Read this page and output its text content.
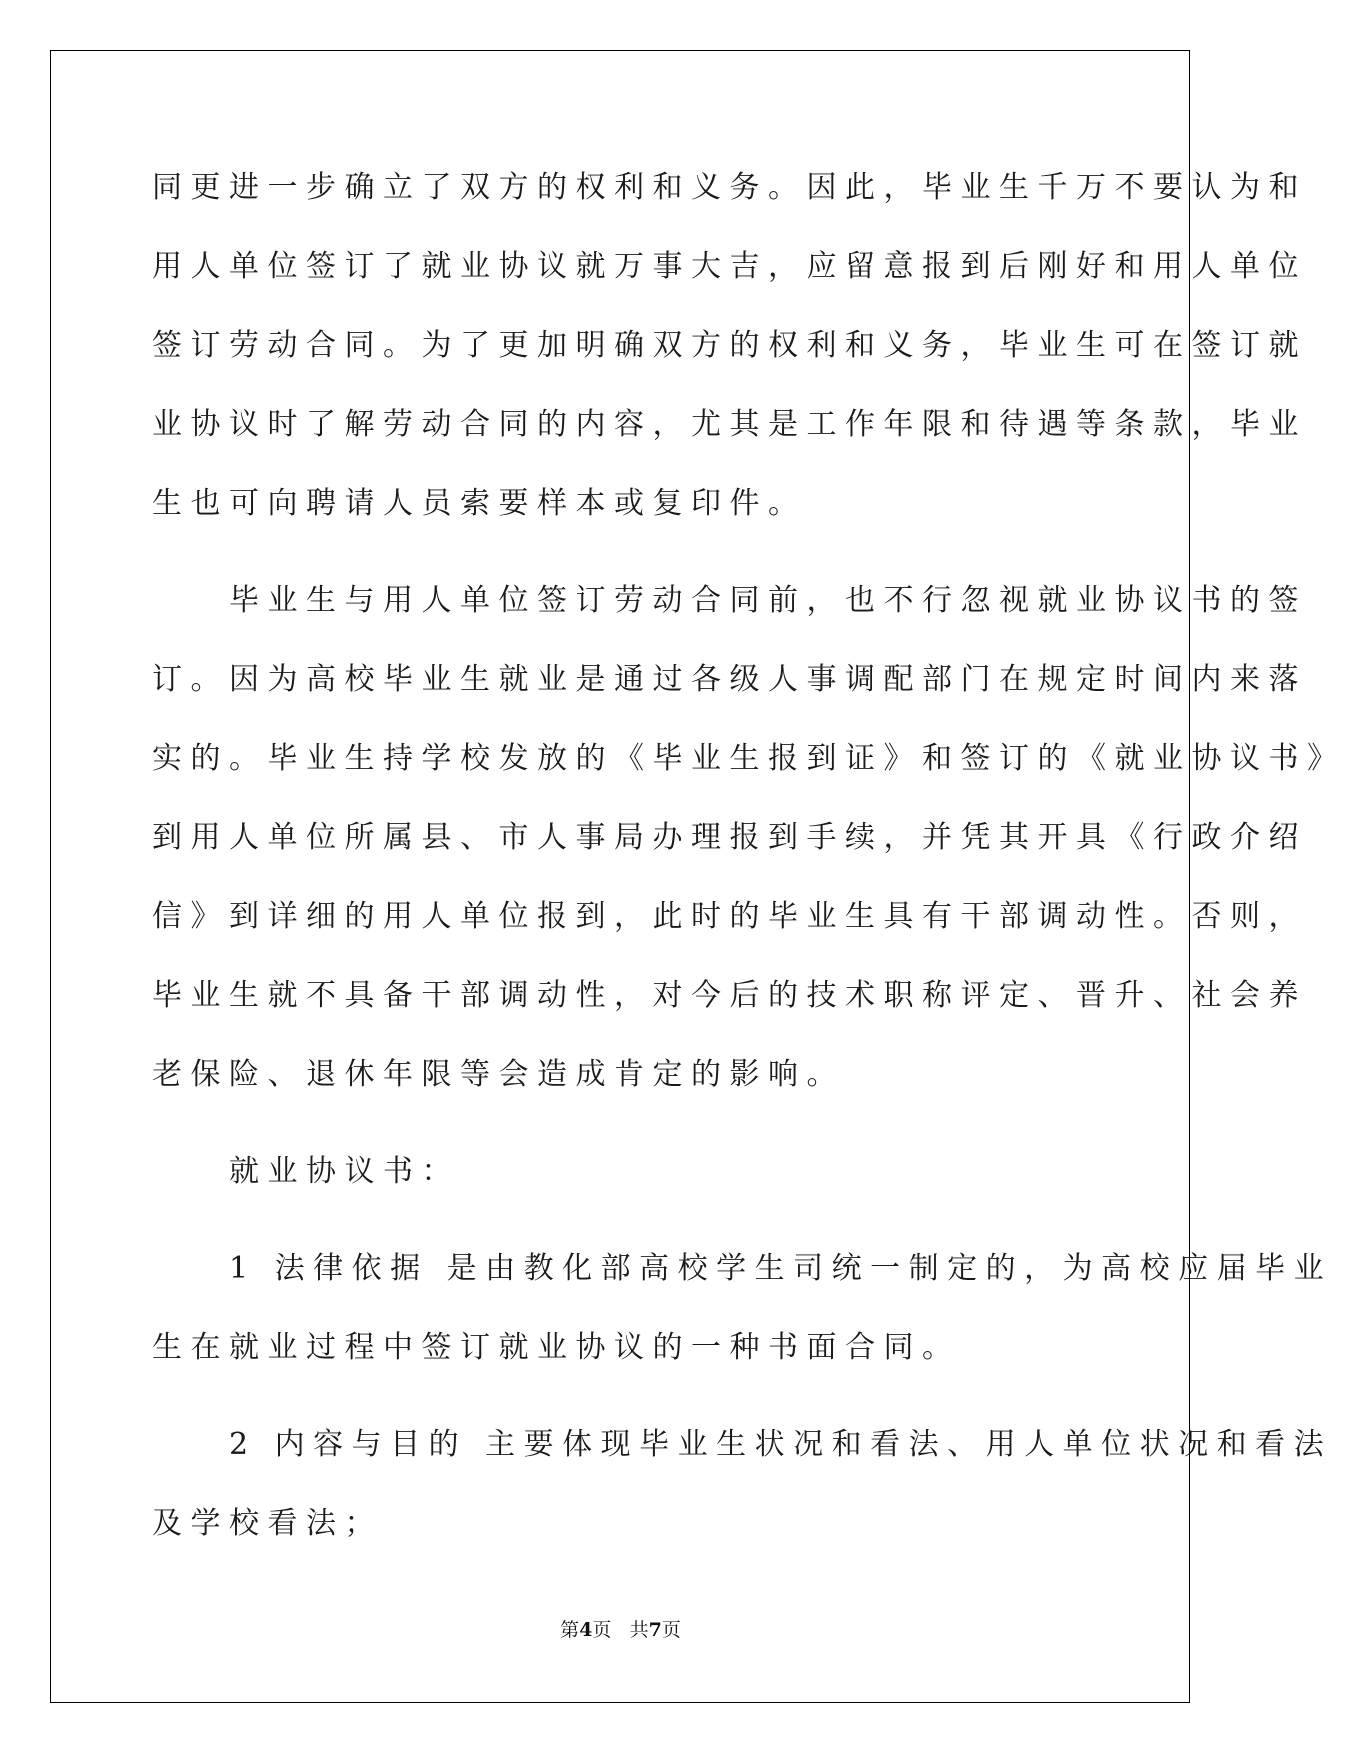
同更进一步确立了双方的权利和义务。因此，毕业生千万不要认为和
用人单位签订了就业协议就万事大吉，应留意报到后刚好和用人单位
签订劳动合同。为了更加明确双方的权利和义务，毕业生可在签订就
业协议时了解劳动合同的内容，尤其是工作年限和待遇等条款，毕业
生也可向聘请人员索要样本或复印件。
　　毕业生与用人单位签订劳动合同前，也不行忽视就业协议书的签
订。因为高校毕业生就业是通过各级人事调配部门在规定时间内来落
实的。毕业生持学校发放的《毕业生报到证》和签订的《就业协议书》
到用人单位所属县、市人事局办理报到手续，并凭其开具《行政介绍
信》到详细的用人单位报到，此时的毕业生具有干部调动性。否则，
毕业生就不具备干部调动性，对今后的技术职称评定、晋升、社会养
老保险、退休年限等会造成肯定的影响。
　　就业协议书：
　　1 法律依据 是由教化部高校学生司统一制定的，为高校应届毕业
生在就业过程中签订就业协议的一种书面合同。
　　2 内容与目的 主要体现毕业生状况和看法、用人单位状况和看法
及学校看法；
第4页 共7页
